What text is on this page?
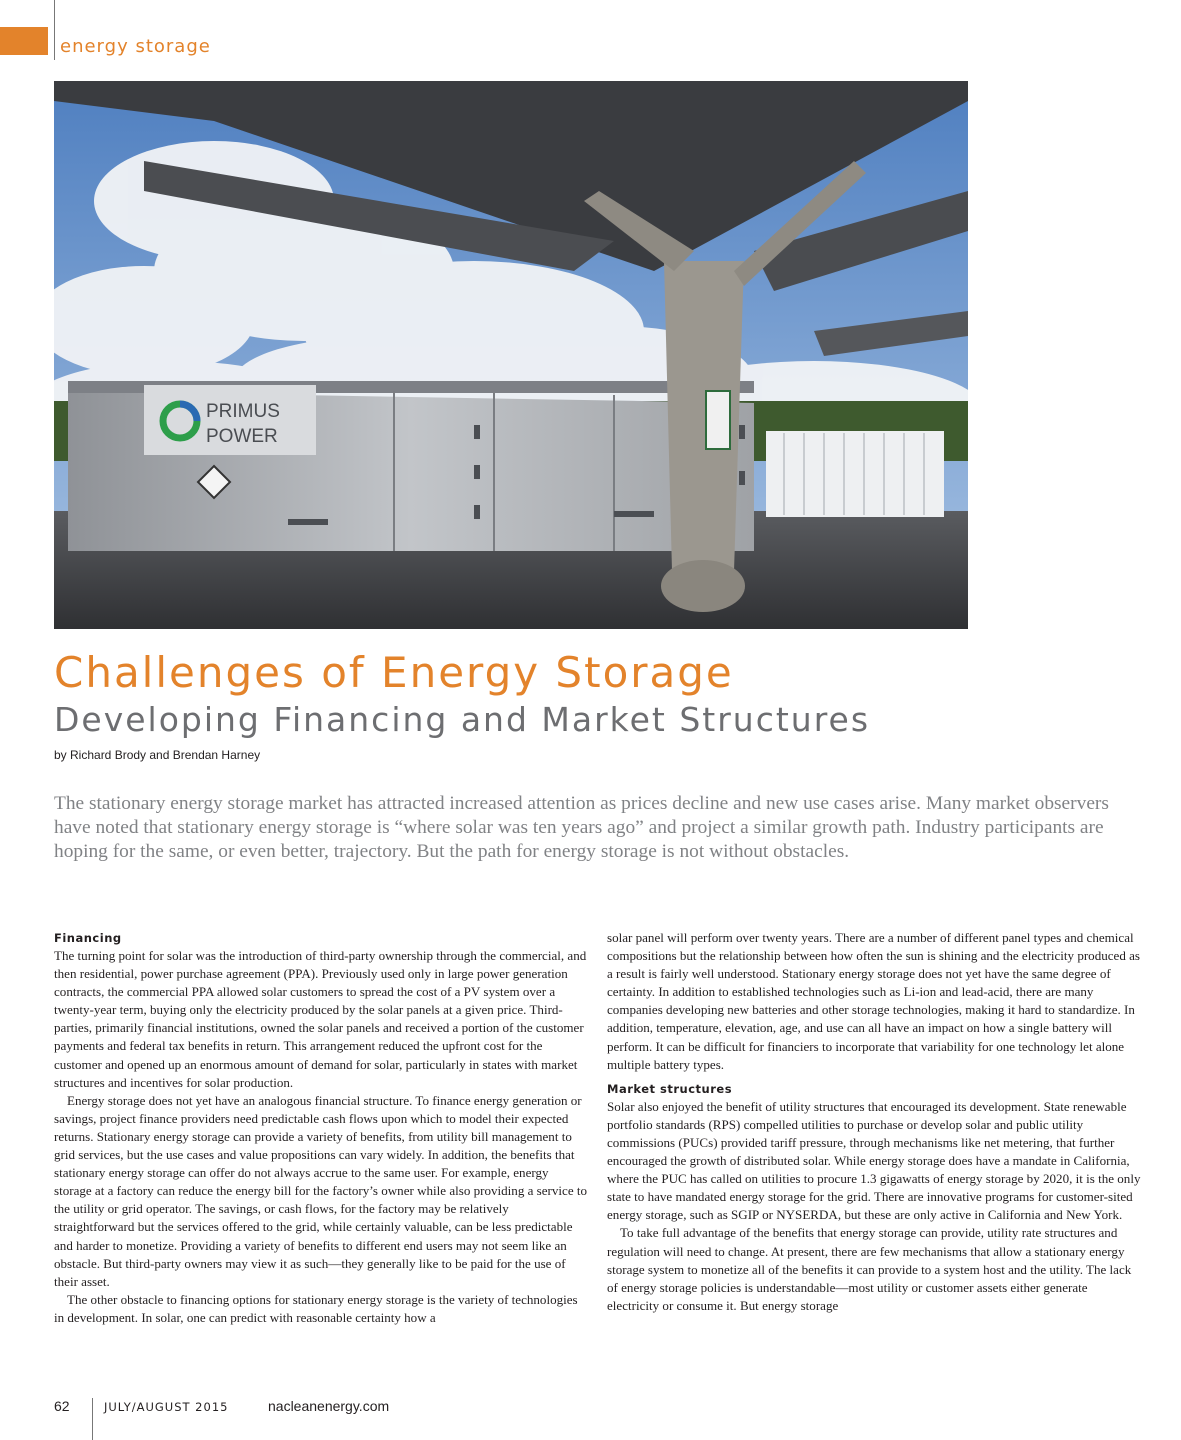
energy storage
PRIMUS
POWER
Challenges of Energy Storage
Developing Financing and Market Structures
by Richard Brody and Brendan Harney

The stationary energy storage market has attracted increased attention as prices decline and new use cases arise. Many market observers have noted that stationary energy storage is “where solar was ten years ago” and project a similar growth path. Industry participants are hoping for the same, or even better, trajectory. But the path for energy storage is not without obstacles.

Financing

The turning point for solar was the introduction of third-party ownership through the commercial, and then residential, power purchase agreement (PPA). Previously used only in large power generation contracts, the commercial PPA allowed solar customers to spread the cost of a PV system over a twenty-year term, buying only the electricity produced by the solar panels at a given price. Third-parties, primarily financial institutions, owned the solar panels and received a portion of the customer payments and federal tax benefits in return. This arrangement reduced the upfront cost for the customer and opened up an enormous amount of demand for solar, particularly in states with market structures and incentives for solar production.

Energy storage does not yet have an analogous financial structure. To finance energy generation or savings, project finance providers need predictable cash flows upon which to model their expected returns. Stationary energy storage can provide a variety of benefits, from utility bill management to grid services, but the use cases and value propositions can vary widely. In addition, the benefits that stationary energy storage can offer do not always accrue to the same user. For example, energy storage at a factory can reduce the energy bill for the factory’s owner while also providing a service to the utility or grid operator. The savings, or cash flows, for the factory may be relatively straightforward but the services offered to the grid, while certainly valuable, can be less predictable and harder to monetize. Providing a variety of benefits to different end users may not seem like an obstacle. But third-party owners may view it as such—they generally like to be paid for the use of their asset.

The other obstacle to financing options for stationary energy storage is the variety of technologies in development. In solar, one can predict with reasonable certainty how a

solar panel will perform over twenty years. There are a number of different panel types and chemical compositions but the relationship between how often the sun is shining and the electricity produced as a result is fairly well understood. Stationary energy storage does not yet have the same degree of certainty. In addition to established technologies such as Li-ion and lead-acid, there are many companies developing new batteries and other storage technologies, making it hard to standardize. In addition, temperature, elevation, age, and use can all have an impact on how a single battery will perform. It can be difficult for financiers to incorporate that variability for one technology let alone multiple battery types.

Market structures

Solar also enjoyed the benefit of utility structures that encouraged its development. State renewable portfolio standards (RPS) compelled utilities to purchase or develop solar and public utility commissions (PUCs) provided tariff pressure, through mechanisms like net metering, that further encouraged the growth of distributed solar. While energy storage does have a mandate in California, where the PUC has called on utilities to procure 1.3 gigawatts of energy storage by 2020, it is the only state to have mandated energy storage for the grid. There are innovative programs for customer-sited energy storage, such as SGIP or NYSERDA, but these are only active in California and New York.

To take full advantage of the benefits that energy storage can provide, utility rate structures and regulation will need to change. At present, there are few mechanisms that allow a stationary energy storage system to monetize all of the benefits it can provide to a system host and the utility. The lack of energy storage policies is understandable—most utility or customer assets either generate electricity or consume it. But energy storage

62	JULY/AUGUST 2015	nacleanenergy.com
